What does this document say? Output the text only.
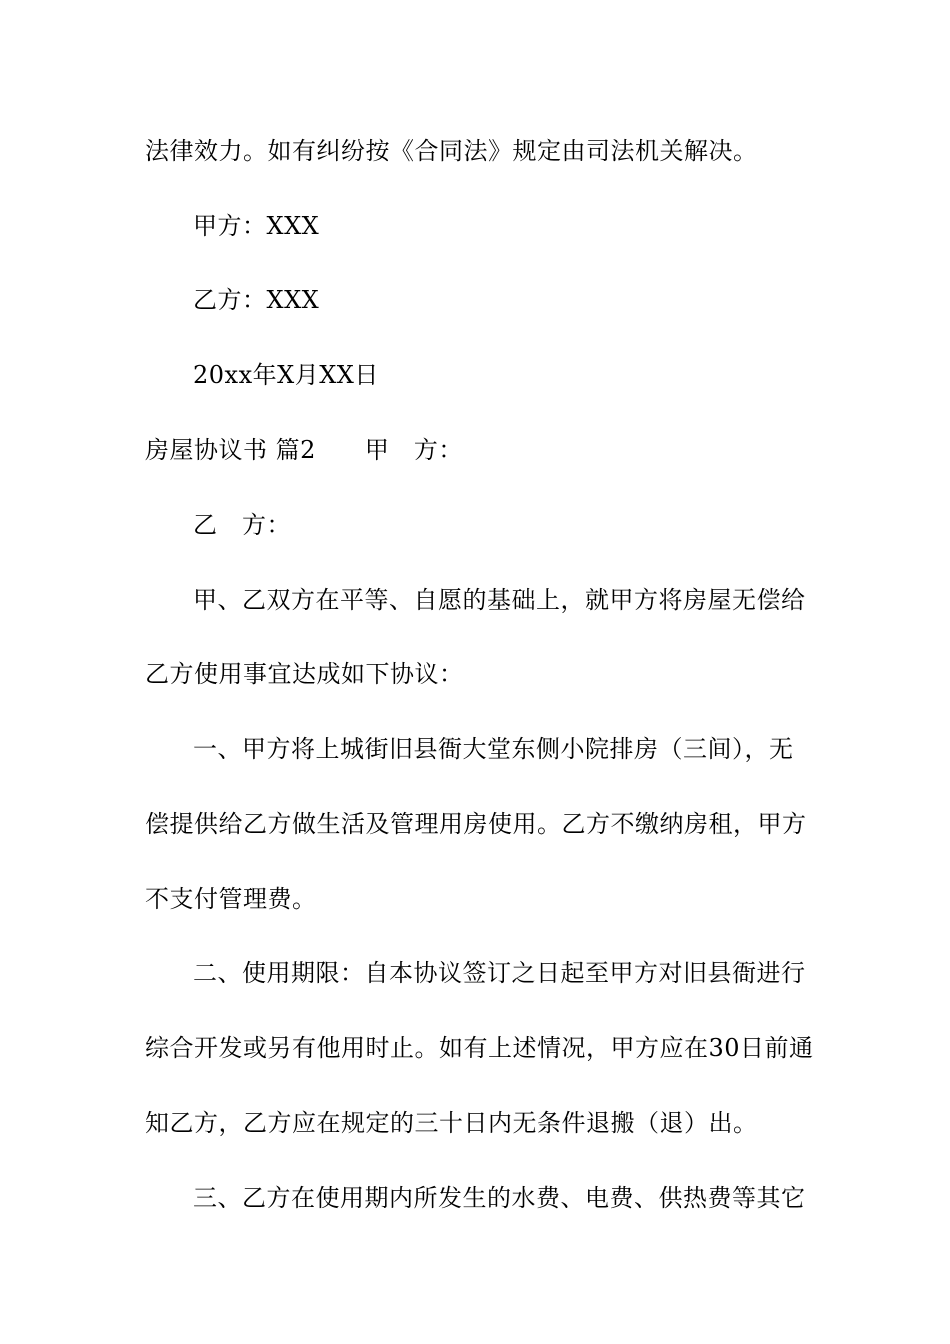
法律效力。如有纠纷按《合同法》规定由司法机关解决。
甲方：XXX
乙方：XXX
20xx年X月XX日
房屋协议书 篇2　　甲　方：
乙　方：
甲、乙双方在平等、自愿的基础上，就甲方将房屋无偿给
乙方使用事宜达成如下协议：
一、甲方将上城街旧县衙大堂东侧小院排房（三间），无
偿提供给乙方做生活及管理用房使用。乙方不缴纳房租，甲方
不支付管理费。
二、使用期限：自本协议签订之日起至甲方对旧县衙进行
综合开发或另有他用时止。如有上述情况，甲方应在30日前通
知乙方，乙方应在规定的三十日内无条件退搬（退）出。
三、乙方在使用期内所发生的水费、电费、供热费等其它
